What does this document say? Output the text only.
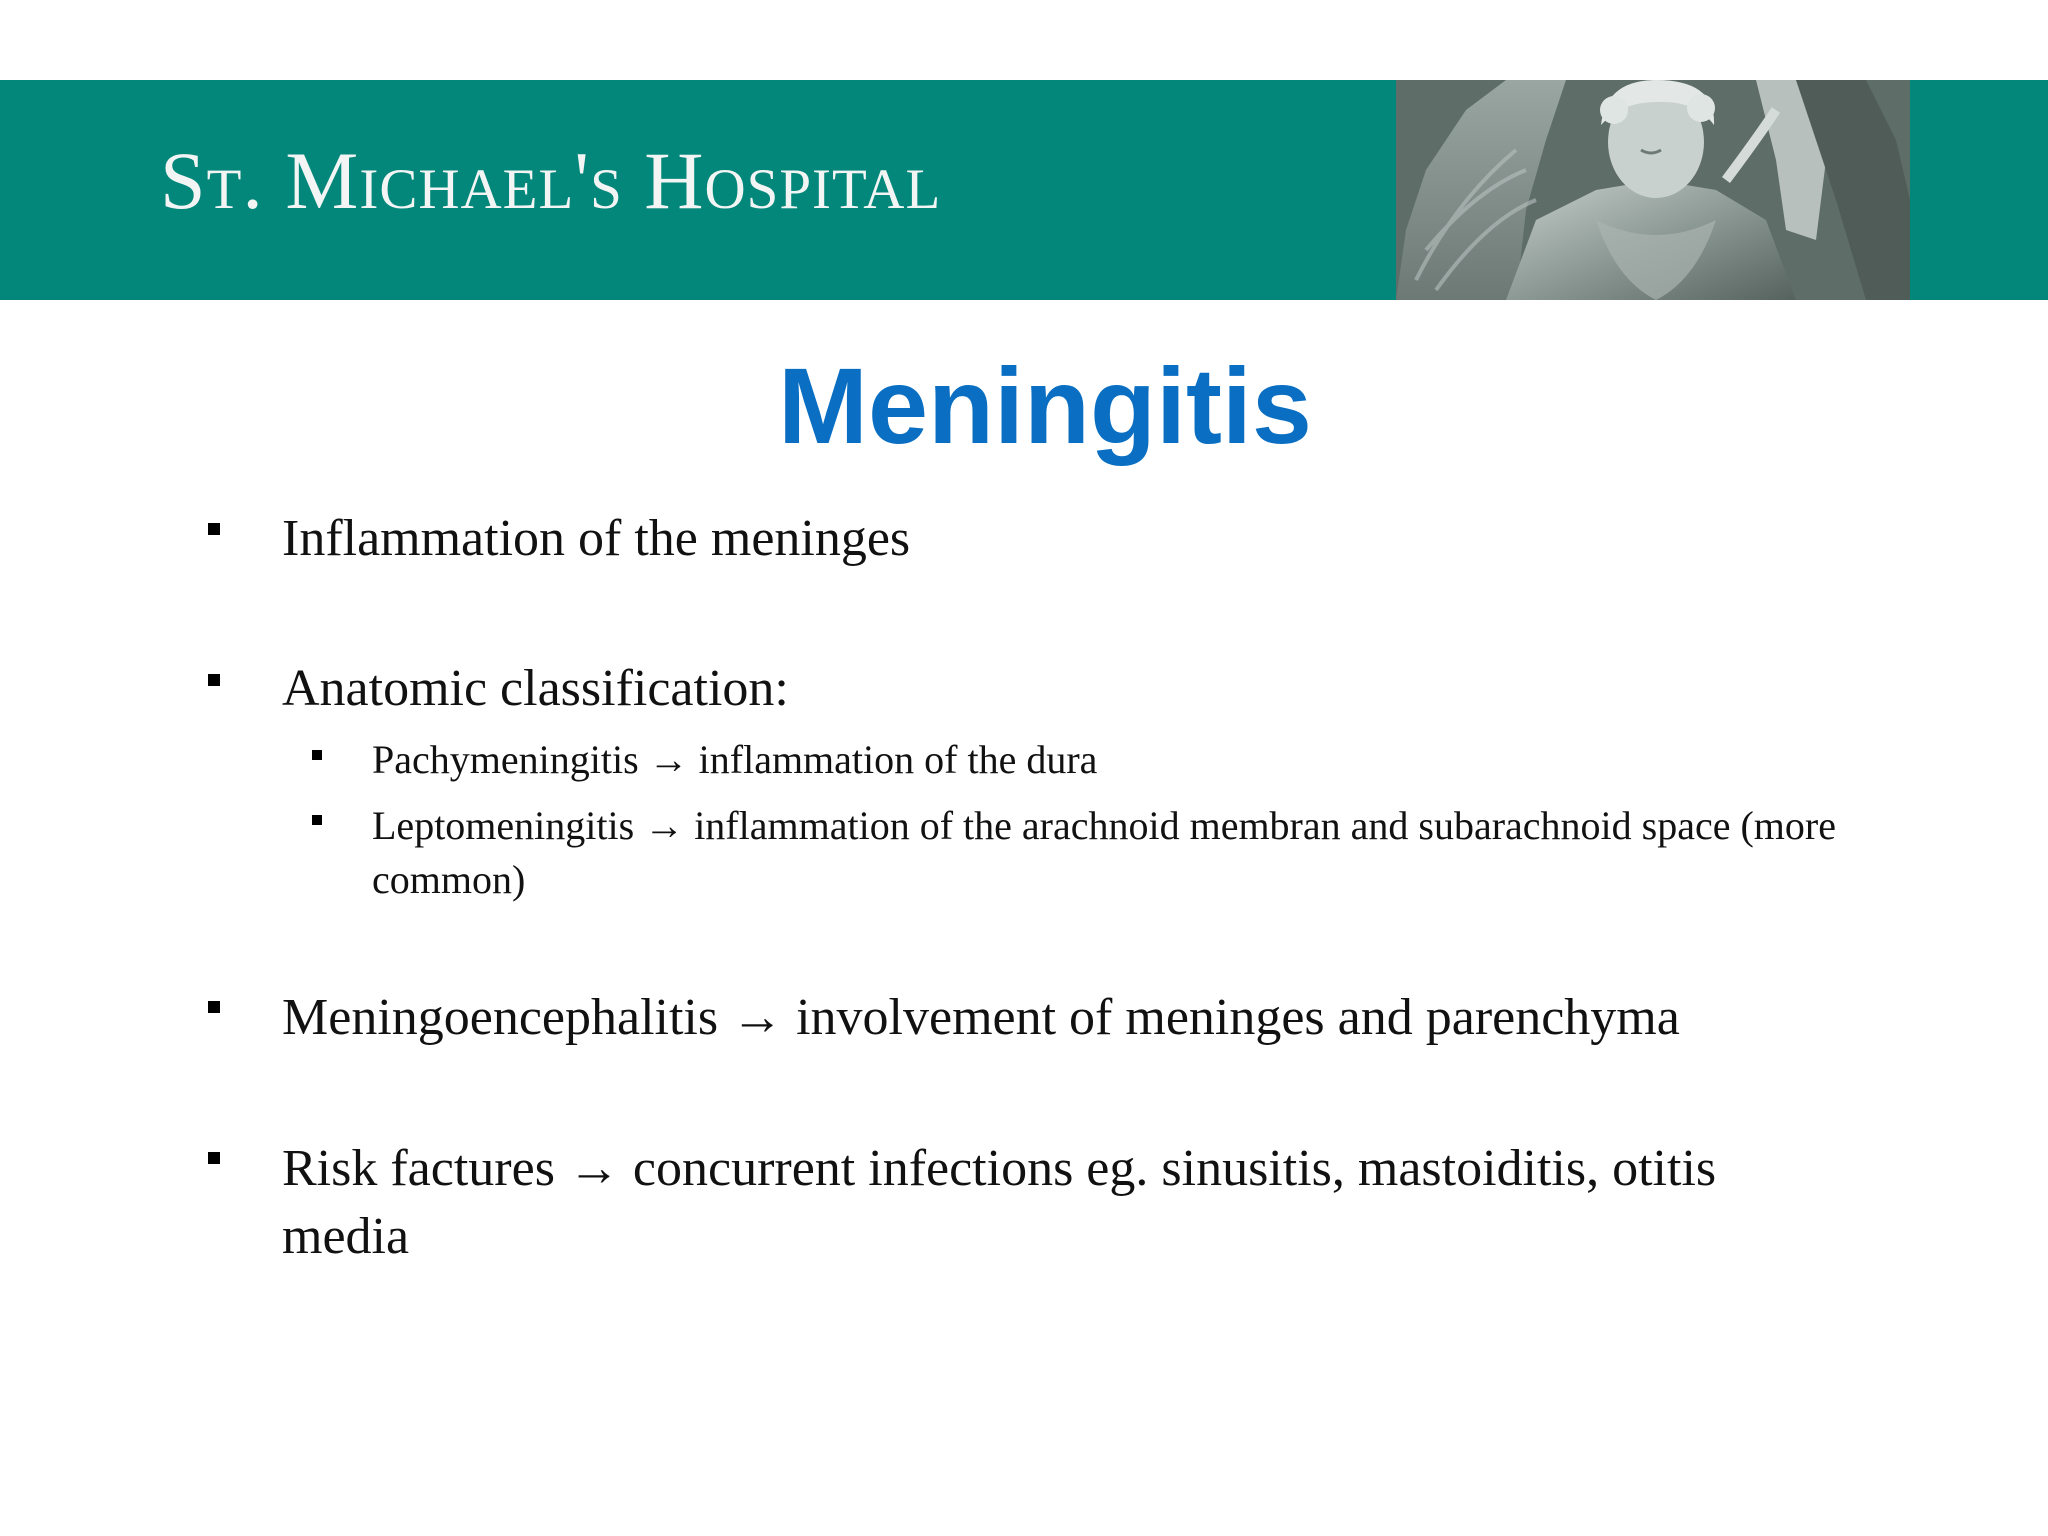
St. Michael's Hospital
Meningitis
Inflammation of the meninges
Anatomic classification:
Pachymeningitis → inflammation of the dura
Leptomeningitis → inflammation of the arachnoid membran and subarachnoid space (more common)
Meningoencephalitis → involvement of meninges and parenchyma
Risk factures → concurrent infections eg. sinusitis, mastoiditis, otitis media
